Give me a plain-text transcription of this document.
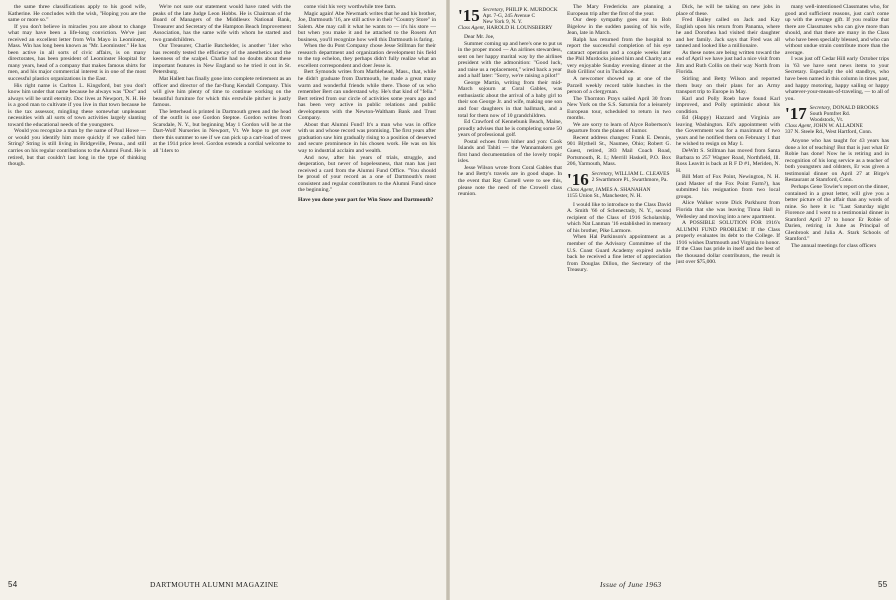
the same three classifications apply to his good wife, Katherine. He concludes with the wish, "Hoping you are the same or more so."

If you don't believe in miracles you are about to change what may have been a life-long conviction. We've just received an excellent letter from Win Mayo in Leominster, Mass. Win has long been known as "Mr. Leominster." He has been active in all sorts of civic affairs, is on many directorates, has been president of Leominster Hospital for many years, head of a company that makes famous shirts for men, and his major commercial interest is in one of the most successful plastics organizations in the East.

His right name is Carlton L. Kingsford, but you don't know him under that name because he always was "Doc" and always will be until eternity. Doc lives at Newport, N. H. He is a good man to cultivate if you live in that town because he is the tax assessor, mingling these somewhat unpleasant necessities with all sorts of town activities largely slanting toward the educational needs of the youngsters.

Would you recognize a man by the name of Paul Howe — or would you identify him more quickly if we called him String? String is still living in Bridgeville, Penna., and still carries on his regular contributions to the Alumni Fund. He is retired, but that couldn't last long in the type of thinking though.

We're not sure our statement would have rated with the peaks of the late Judge Leon Hobbs. He is Chairman of the Board of Managers of the Middlesex National Bank, Treasurer and Secretary of the Hampton Beach Improvement Association, has the same wife with whom he started and two grandchildren.

Our Treasurer, Charlie Batchelder, is another '14er who has recently tested the efficiency of the anesthetics and the keenness of the scalpel. Charlie had no doubts about these important features in New England so he tried it out in St. Petersburg.

Mat Hallett has finally gone into complete retirement as an officer and director of the far-flung Kendall Company. This will give him plenty of time to continue working on the beautiful furniture for which this erstwhile pitcher is justly famous.

The letterhead is printed in Dartmouth green and the head of the outfit is one Gordon Steptoe. Gordon writes from Scarsdale, N. Y., but beginning May 1 Gordon will be at the Dart-Wolf Nurseries in Newport, Vt. We hope to get over there this summer to see if we can pick up a cart-load of trees at the 1914 price level. Gordon extends a cordial welcome to all '14ers to

come visit his very worthwhile tree farm.

Magic again! Abe Newmark writes that he and his brother, Joe, Dartmouth '16, are still active in their "Country Store" in Salem. Abe may call it what he wants to — it's his store — but when you make it and he attached to the Rosem Art business, you'll recognize how well this Dartmouth is faring.

When the du Pont Company chose Jesse Stillman for their research department and organization development his field to the top echelon, they perhaps didn't fully realize what an excellent correspondent and doer Jesse is.

Bert Symonds writes from Marblehead, Mass., that, while he didn't graduate from Dartmouth, he made a great many warm and wonderful friends while there. Those of us who remember Bert can understand why. He's that kind of "fella." Bert retired from our circle of activities some years ago and has been very active in public relations and public developments with the Newton-Waltham Bank and Trust Company.

About that Alumni Fund! It's a man who was in office with us and whose record was promising. The first years after graduation saw him gradually rising to a position of deserved and secure prominence in his chosen work. He was on his way to industrial acclaim and wealth.

And now, after his years of trials, struggle, and desperation, but never of hopelessness, that man has just received a card from the Alumni Fund Office. "You should be proud of your record as a one of Dartmouth's most consistent and regular contributors to the Alumni Fund since the beginning."

Have you done your part for Win Snow and Dartmouth?

54	DARTMOUTH ALUMNI MAGAZINE
'15 Secretary, PHILIP K. MURDOCK
Apt. 7-G, 245 Avenue C
New York 9, N. Y.
Class Agent, HAROLD H. LOUNSBERRY

Dear Mr. Joe,

Summer coming up and here's one to put us in the proper mood — An airlines stewardess, sent on her happy marital way by the airlines president with the admonition: "Good luck, and raise us a replacement," wired back a year and a half later: "Sorry, we're raising a pilot!"

George Martin, writing from their mid-March sojourn at Coral Gables, was enthusiastic about the arrival of a baby girl to their son George Jr. and wife, making one son and four daughters in that hallmark, and a total for them now of 10 grandchildren.

Ed Crawford of Kennebunk Beach, Maine, proudly advises that he is completing some 50 years of professional golf.

Postal echoes from hither and yon: Cook Islands and Tahiti — the Wannamakers get first hand documentation of the lovely tropic isles.

Jesse Wilson wrote from Coral Gables that he and Betty's travels are in good shape. In the event that Ray Cornell were to see this, please note the need of the Crowell class reunion.

The Mary Fredericks are planning a European trip after the first of the year.

Our deep sympathy goes out to Bob Bigelow in the sudden passing of his wife, Jean, late in March.

Ralph has returned from the hospital to report the successful completion of his eye cataract operation and a couple weeks later the Phil Murdocks joined him and Charity at a very enjoyable Sunday evening dinner at the Bob Grillins' out in Tuckahoe.

A newcomer showed up at one of the Parzell weekly record table lunches in the person of a clergyman.

The Thornton Prays sailed April 30 from New York on the S.S. Saturnia for a leisurely European tour, scheduled to return in two months.

We are sorry to learn of Alyce Robertson's departure from the planes of humor.

Recent address changes: Frank E. Dennis, 901 Blythell St., Naumee, Ohio; Robert G. Guest, retired, 383 Mail Coach Road, Portsmouth, R. I.; Merrill Haskell, P.O. Box 206, Yarmouth, Mass.

'16 Secretary, WILLIAM L. CLEAVES
2 Swarthmore Pl., Swarthmore, Pa.
Class Agent, JAMES A. SHANAHAN
1155 Union St., Manchester, N. H.

I would like to introduce to the Class David A. Smith '66 of Schenectady, N. Y., second recipient of the Class of 1916 Scholarship, which Nat Lanman '16 established in memory of his brother, Pike Larmore.

When Hal Parkinson's appointment as a member of the Advisory Committee of the U.S. Coast Guard Academy expired awhile back he received a fine letter of appreciation from Douglas Dillon, the Secretary of the Treasury.

Dick, he will be taking on new jobs in place of these.

Fred Bailey called on Jack and Kay English upon his return from Panama, where he and Dorothea had visited their daughter and her family. Jack says that Fred was all tanned and looked like a millionaire.

As these notes are being written toward the end of April we have just had a nice visit from Jim and Ruth Collin on their way North from Florida.

Stirling and Betty Wilson and reported them busy on their plans for an Army transport trip to Europe in May.

Karl and Polly Roeb have found Karl improved, and Polly optimistic about his condition.

Ed (Happy) Hazzard and Virginia are leaving Washington. Ed's appointment with the Government was for a maximum of two years and he notified them on February 1 that he wished to resign on May 1.

DeWitt S. Stillman has moved from Santa Barbara to 257 Wagner Road, Northfield, Ill. Ross Leavitt is back at R F D #1, Meriden, N. H.

Bill Mott of Fox Point, Newington, N. H. (and Master of the Fox Point Farm?), has submitted his resignation from two local groups.

Alice Walker wrote Dick Parkhurst from Florida that she was leaving Tinna Hall in Wellesley and moving into a new apartment.

A POSSIBLE SOLUTION FOR 1916's ALUMNI FUND PROBLEM: If the Class properly evaluates its debt to the College. If 1916 wishes Dartmouth and Virginia to honor. If the Class has pride in itself and the best of the thousand dollar contributors, the result is just over $75,000.

many well-intentioned Classmates who, for good and sufficient reasons, just can't come up with the average gift. If you realize that there are Classmates who can give more than should, and that there are many in the Class who have been specially blessed, and who can without undue strain contribute more than the average.

I was just off Cedar Hill early October trips in '63 we have sent news items to your Secretary. Especially the old standbys, who have been named in this column in times past, and happy motoring, happy sailing or happy whatever-your-means-of-traveling, — to all of you.

'17 Secretary, DONALD BROOKS
South Pomfret Rd.
Woodstock, Vt.
Class Agent, JOHN W. ALLADINE
337 N. Steele Rd., West Hartford, Conn.

Anyone who has taught for 43 years has done a lot of teaching! But that is just what Er Robie has done! Now he is retiring and in recognition of his long service as a teacher of both youngsters and oldsters, Er was given a testimonial dinner on April 27 at Birge's Restaurant at Stamford, Conn.

Perhaps Gene Towler's report on the dinner, contained in a great letter, will give you a better picture of the affair than any words of mine. So here it is: "Last Saturday night Florence and I went to a testimonial dinner in Stamford April 27 to honor Er Robie of Darien, retiring in June as Principal of Glenbrook and Julia A. Stark Schools of Stamford."

The annual meetings for class officers

Issue of June 1963	55
